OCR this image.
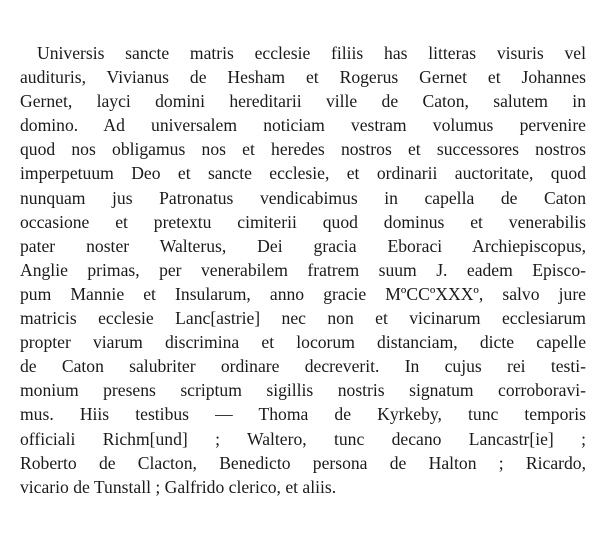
Universis sancte matris ecclesie filiis has litteras visuris vel
audituris, Vivianus de Hesham et Rogerus Gernet et Johannes
Gernet, layci domini hereditarii ville de Caton, salutem in
domino. Ad universalem noticiam vestram volumus pervenire
quod nos obligamus nos et heredes nostros et successores nostros
imperpetuum Deo et sancte ecclesie, et ordinarii auctoritate, quod
nunquam jus Patronatus vendicabimus in capella de Caton
occasione et pretextu cimiterii quod dominus et venerabilis
pater noster Walterus, Dei gracia Eboraci Archiepiscopus,
Anglie primas, per venerabilem fratrem suum J. eadem Episco-
pum Mannie et Insularum, anno gracie MºCCºXXXº, salvo jure
matricis ecclesie Lanc[astrie] nec non et vicinarum ecclesiarum
propter viarum discrimina et locorum distanciam, dicte capelle
de Caton salubriter ordinare decreverit. In cujus rei testi-
monium presens scriptum sigillis nostris signatum corroboravi-
mus. Hiis testibus — Thoma de Kyrkeby, tunc temporis
officiali Richm[und] ; Waltero, tunc decano Lancastr[ie] ;
Roberto de Clacton, Benedicto persona de Halton ; Ricardo,
vicario de Tunstall ; Galfrido clerico, et aliis.
